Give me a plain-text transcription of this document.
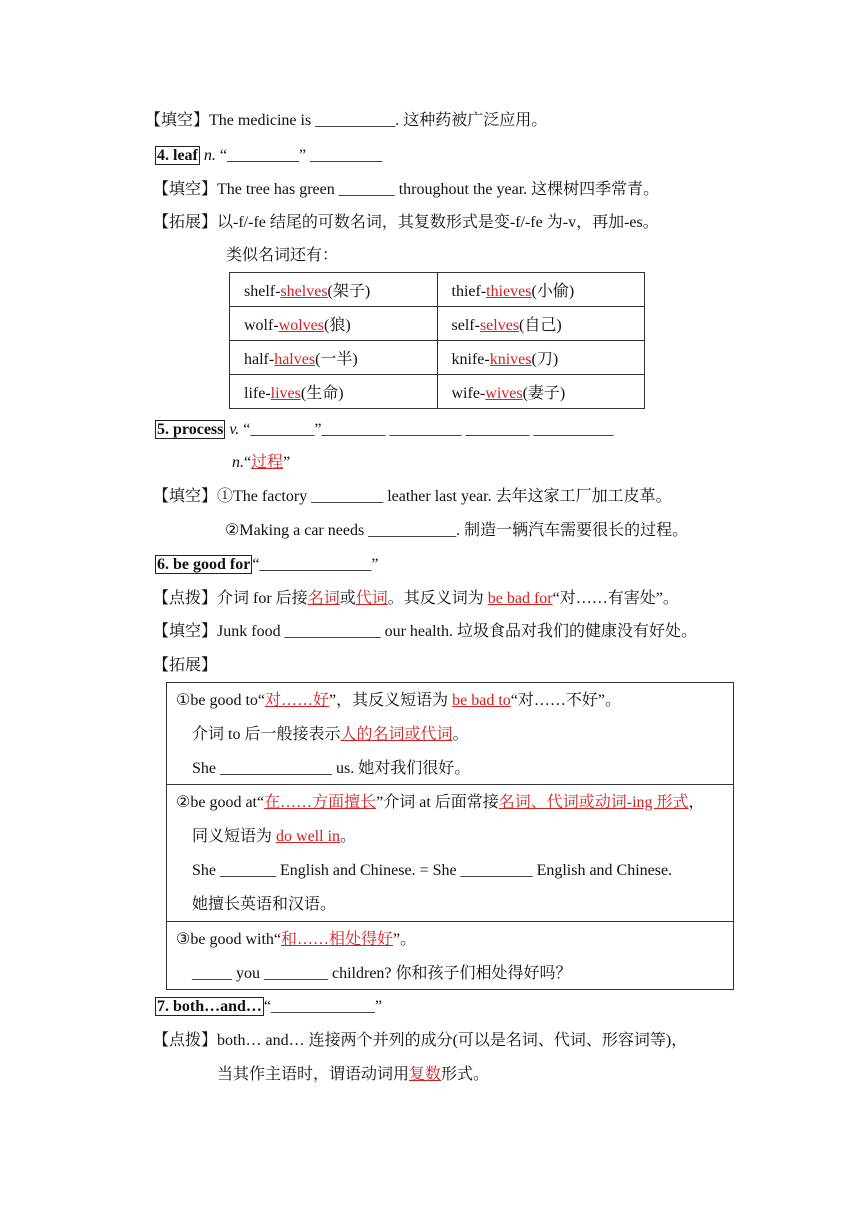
【填空】The medicine is __________. 这种药被广泛应用。
4. leaf n. “_________” _________
【填空】The tree has green _______ throughout the year. 这棵树四季常青。
【拓展】以-f/-fe 结尾的可数名词，其复数形式是变-f/-fe 为-v，再加-es。
类似名词还有：
shelf-shelves(架子)	thief-thieves(小偷)
wolf-wolves(狼)	self-selves(自己)
half-halves(一半)	knife-knives(刀)
life-lives(生命)	wife-wives(妻子)
5. process v. “________”________ _________ ________ __________
n.“过程”
【填空】①The factory _________ leather last year. 去年这家工厂加工皮革。
②Making a car needs ___________. 制造一辆汽车需要很长的过程。
6. be good for “______________”
【点拨】介词 for 后接名词或代词。其反义词为 be bad for“对……有害处”。
【填空】Junk food ____________ our health. 垃圾食品对我们的健康没有好处。
【拓展】
①be good to“对……好”，其反义短语为 be bad to“对……不好”。
介词 to 后一般接表示人的名词或代词。
She ______________ us. 她对我们很好。
②be good at“在……方面擅长”介词 at 后面常接名词、代词或动词-ing 形式，
同义短语为 do well in。
She _______ English and Chinese. = She _________ English and Chinese.
她擅长英语和汉语。
③be good with“和……相处得好”。
_____ you ________ children? 你和孩子们相处得好吗？
7. both…and… “_____________”
【点拨】both… and… 连接两个并列的成分(可以是名词、代词、形容词等)，
当其作主语时，谓语动词用复数形式。
